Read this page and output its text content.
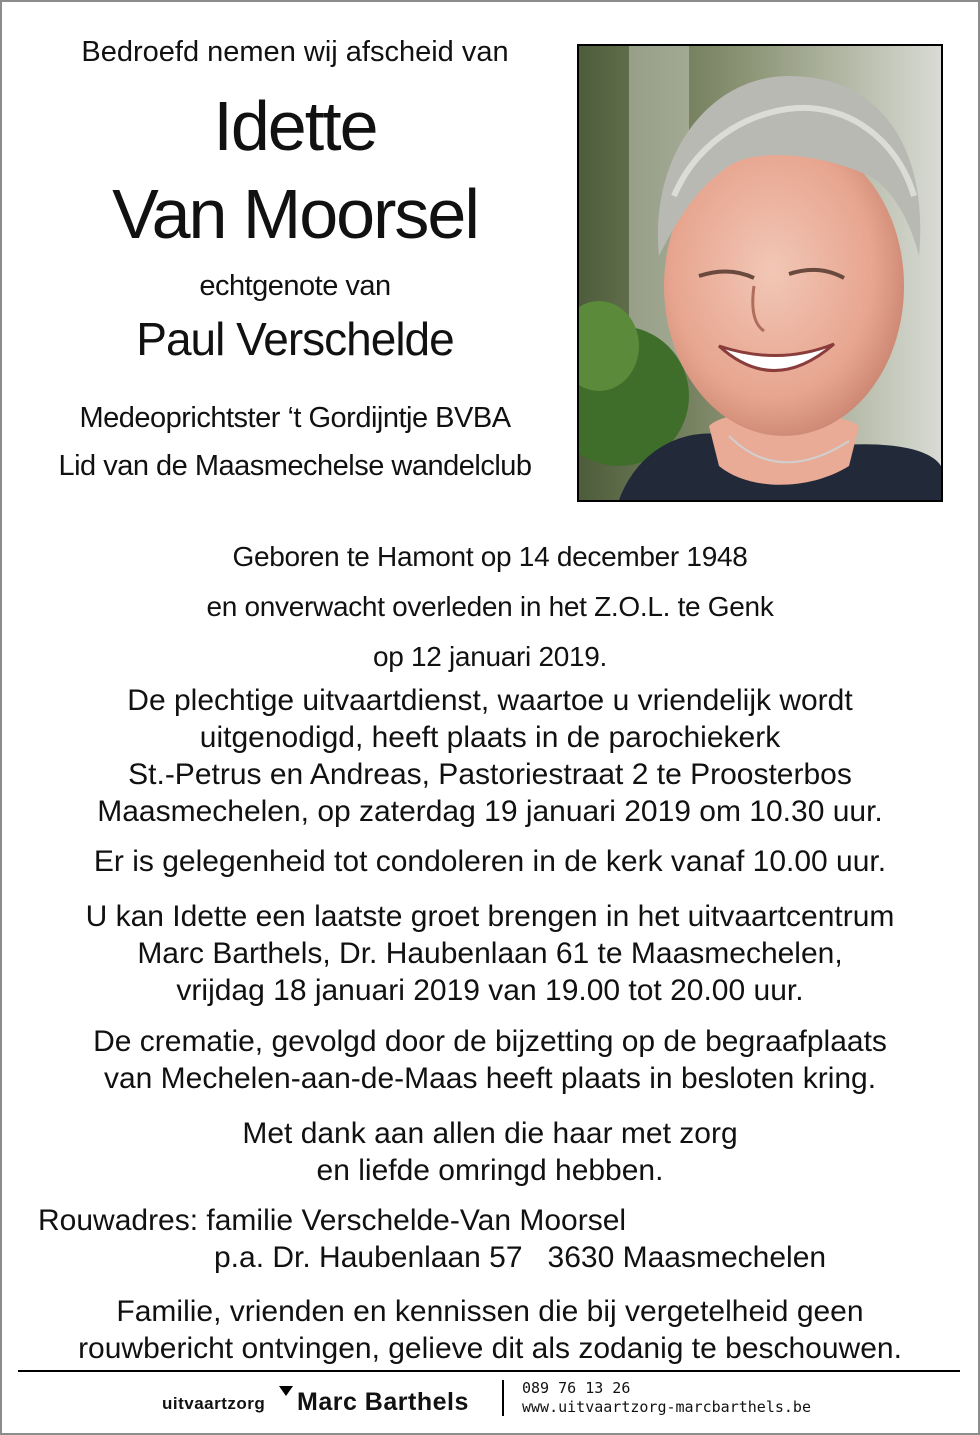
Bedroefd nemen wij afscheid van
Idette
Van Moorsel
echtgenote van
Paul Verschelde
Medeoprichtster ‘t Gordijntje BVBA
Lid van de Maasmechelse wandelclub
Geboren te Hamont op 14 december 1948
en onverwacht overleden in het Z.O.L. te Genk
op 12 januari 2019.
De plechtige uitvaartdienst, waartoe u vriendelijk wordt
uitgenodigd, heeft plaats in de parochiekerk
St.-Petrus en Andreas, Pastoriestraat 2 te Proosterbos
Maasmechelen, op zaterdag 19 januari 2019 om 10.30 uur.
Er is gelegenheid tot condoleren in de kerk vanaf 10.00 uur.
U kan Idette een laatste groet brengen in het uitvaartcentrum
Marc Barthels, Dr. Haubenlaan 61 te Maasmechelen,
vrijdag 18 januari 2019 van 19.00 tot 20.00 uur.
De crematie, gevolgd door de bijzetting op de begraafplaats
van Mechelen-aan-de-Maas heeft plaats in besloten kring.
Met dank aan allen die haar met zorg
en liefde omringd hebben.
Rouwadres: familie Verschelde-Van Moorsel
p.a. Dr. Haubenlaan 57   3630 Maasmechelen
Familie, vrienden en kennissen die bij vergetelheid geen
rouwbericht ontvingen, gelieve dit als zodanig te beschouwen.
uitvaartzorg Marc Barthels	089 76 13 26
www.uitvaartzorg-marcbarthels.be
